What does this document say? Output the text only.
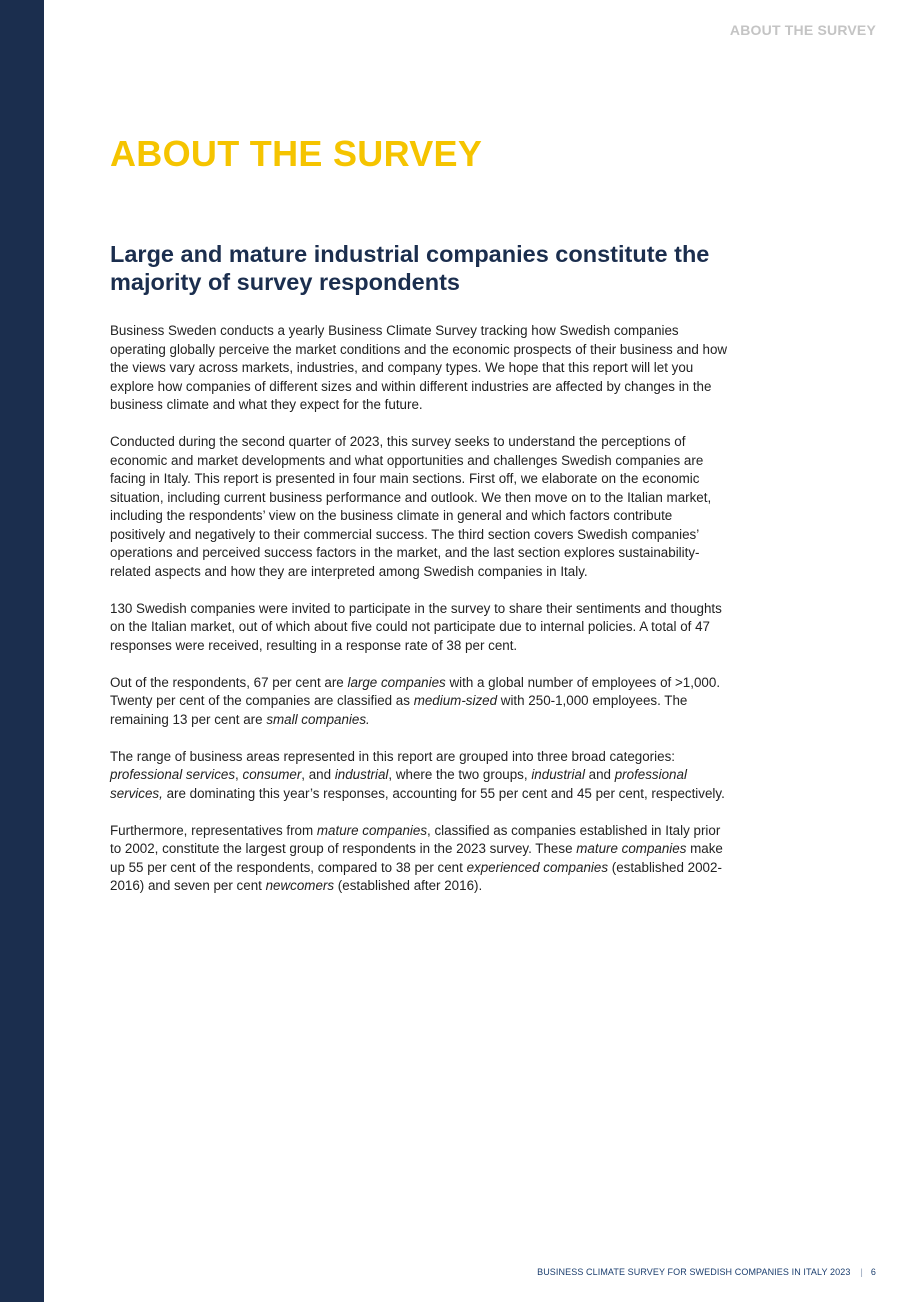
ABOUT THE SURVEY
ABOUT THE SURVEY
Large and mature industrial companies constitute the majority of survey respondents

Business Sweden conducts a yearly Business Climate Survey tracking how Swedish companies operating globally perceive the market conditions and the economic prospects of their business and how the views vary across markets, industries, and company types. We hope that this report will let you explore how companies of different sizes and within different industries are affected by changes in the business climate and what they expect for the future.

Conducted during the second quarter of 2023, this survey seeks to understand the perceptions of economic and market developments and what opportunities and challenges Swedish companies are facing in Italy. This report is presented in four main sections. First off, we elaborate on the economic situation, including current business performance and outlook. We then move on to the Italian market, including the respondents’ view on the business climate in general and which factors contribute positively and negatively to their commercial success. The third section covers Swedish companies’ operations and perceived success factors in the market, and the last section explores sustainability-related aspects and how they are interpreted among Swedish companies in Italy.

130 Swedish companies were invited to participate in the survey to share their sentiments and thoughts on the Italian market, out of which about five could not participate due to internal policies. A total of 47 responses were received, resulting in a response rate of 38 per cent.

Out of the respondents, 67 per cent are large companies with a global number of employees of >1,000. Twenty per cent of the companies are classified as medium-sized with 250-1,000 employees. The remaining 13 per cent are small companies.

The range of business areas represented in this report are grouped into three broad categories: professional services, consumer, and industrial, where the two groups, industrial and professional services, are dominating this year’s responses, accounting for 55 per cent and 45 per cent, respectively.

Furthermore, representatives from mature companies, classified as companies established in Italy prior to 2002, constitute the largest group of respondents in the 2023 survey. These mature companies make up 55 per cent of the respondents, compared to 38 per cent experienced companies (established 2002-2016) and seven per cent newcomers (established after 2016).

BUSINESS CLIMATE SURVEY FOR SWEDISH COMPANIES IN ITALY 2023 | 6
